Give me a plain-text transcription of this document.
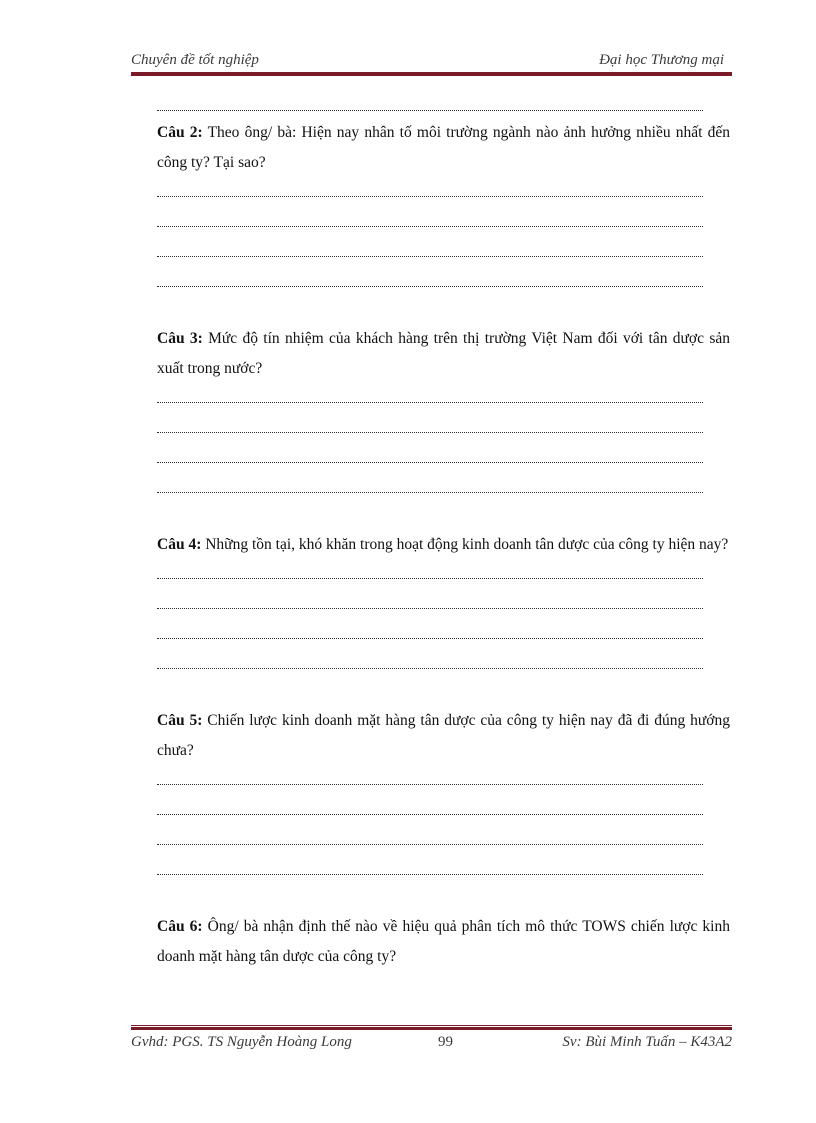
Chuyên đề tốt nghiệp	Đại học Thương mại

Câu 2: Theo ông/ bà: Hiện nay nhân tố môi trường ngành nào ảnh hưởng nhiều nhất đến công ty? Tại sao?

Câu 3: Mức độ tín nhiệm của khách hàng trên thị trường Việt Nam đối với tân dược sản xuất trong nước?

Câu 4: Những tồn tại, khó khăn trong hoạt động kinh doanh tân dược của công ty hiện nay?

Câu 5: Chiến lược kinh doanh mặt hàng tân dược của công ty hiện nay đã đi đúng hướng chưa?

Câu 6: Ông/ bà nhận định thế nào về hiệu quả phân tích mô thức TOWS chiến lược kinh doanh mặt hàng tân dược của công ty?

Gvhd: PGS. TS Nguyễn Hoàng Long	99	Sv: Bùi Minh Tuấn – K43A2
